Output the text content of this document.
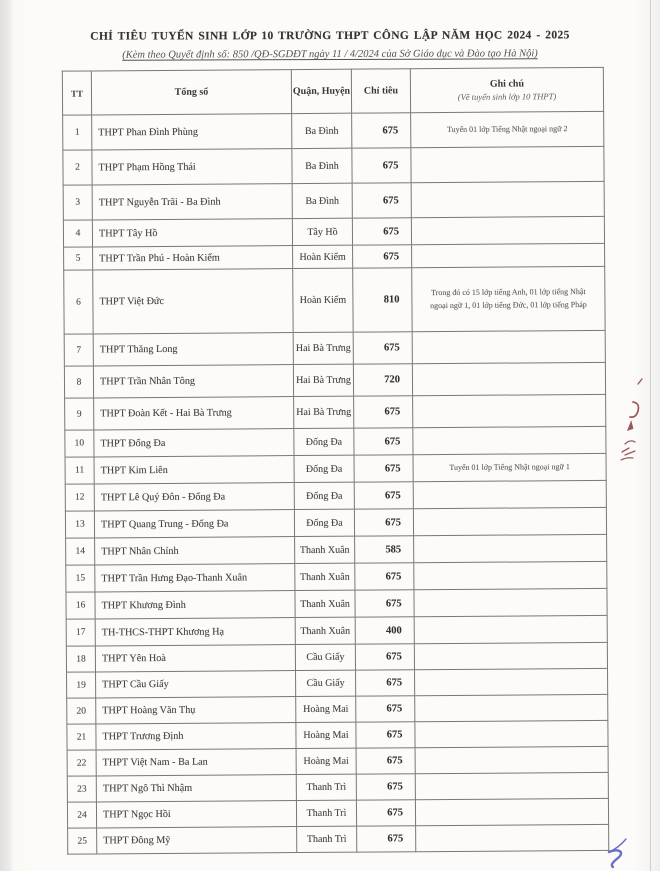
CHỈ TIÊU TUYỂN SINH LỚP 10 TRƯỜNG THPT CÔNG LẬP NĂM HỌC 2024 - 2025
(Kèm theo Quyết định số: 850 /QĐ-SGDĐT ngày 11 / 4/2024 của Sở Giáo dục và Đào tạo Hà Nội)
TT	Tổng số	Quận, Huyện	Chỉ tiêu	Ghi chú
(Về tuyển sinh lớp 10 THPT)

1	THPT Phan Đình Phùng	Ba Đình	675	Tuyển 01 lớp Tiếng Nhật ngoại ngữ 2
2	THPT Phạm Hồng Thái	Ba Đình	675	
3	THPT Nguyễn Trãi - Ba Đình	Ba Đình	675	
4	THPT Tây Hồ	Tây Hồ	675	
5	THPT Trần Phú - Hoàn Kiếm	Hoàn Kiếm	675	
6	THPT Việt Đức	Hoàn Kiếm	810	Trong đó có 15 lớp tiếng Anh, 01 lớp tiếng Nhật ngoại ngữ 1, 01 lớp tiếng Đức, 01 lớp tiếng Pháp
7	THPT Thăng Long	Hai Bà Trưng	675	
8	THPT Trần Nhân Tông	Hai Bà Trưng	720	
9	THPT Đoàn Kết - Hai Bà Trưng	Hai Bà Trưng	675	
10	THPT Đống Đa	Đống Đa	675	
11	THPT Kim Liên	Đống Đa	675	Tuyển 01 lớp Tiếng Nhật ngoại ngữ 1
12	THPT Lê Quý Đôn - Đống Đa	Đống Đa	675	
13	THPT Quang Trung - Đống Đa	Đống Đa	675	
14	THPT Nhân Chính	Thanh Xuân	585	
15	THPT Trần Hưng Đạo-Thanh Xuân	Thanh Xuân	675	
16	THPT Khương Đình	Thanh Xuân	675	
17	TH-THCS-THPT Khương Hạ	Thanh Xuân	400	
18	THPT Yên Hoà	Cầu Giấy	675	
19	THPT Cầu Giấy	Cầu Giấy	675	
20	THPT Hoàng Văn Thụ	Hoàng Mai	675	
21	THPT Trương Định	Hoàng Mai	675	
22	THPT Việt Nam - Ba Lan	Hoàng Mai	675	
23	THPT Ngô Thì Nhậm	Thanh Trì	675	
24	THPT Ngọc Hồi	Thanh Trì	675	
25	THPT Đông Mỹ	Thanh Trì	675	
